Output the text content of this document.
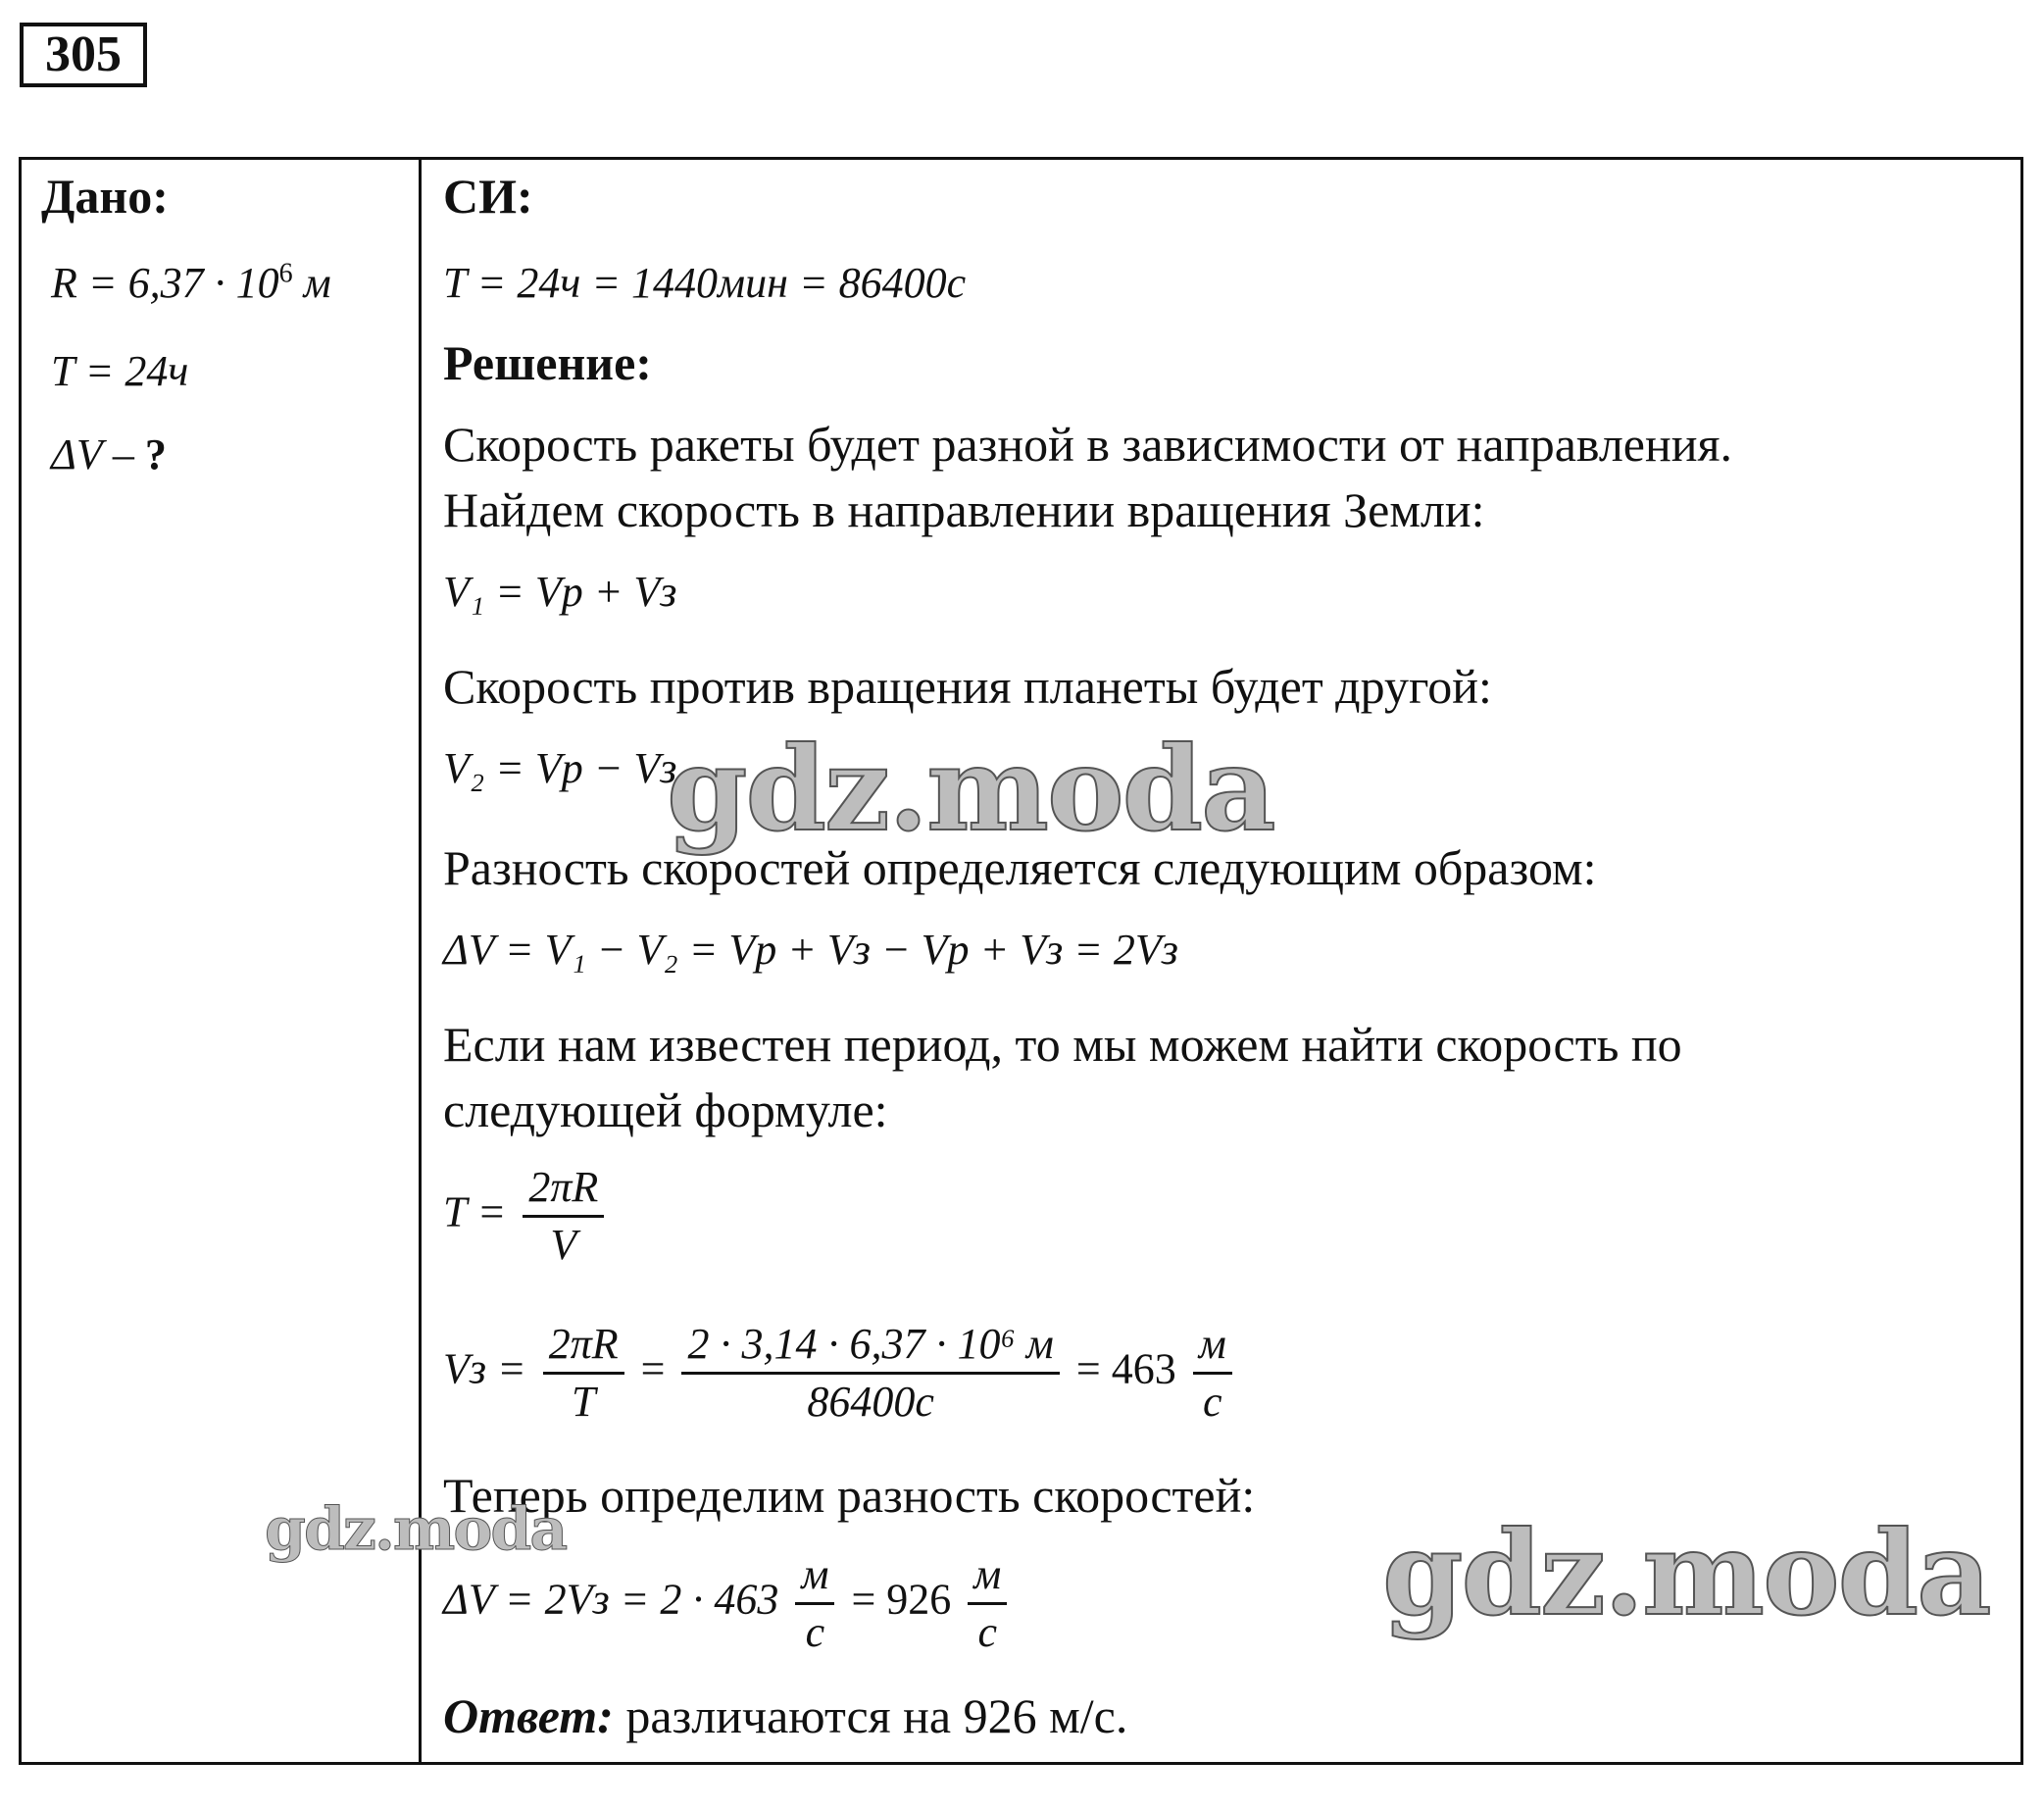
305
Дано:
$R = 6,37 \cdot 10^6$ м
T = 24ч
ΔV – ?
СИ:
T = 24ч = 1440мин = 86400с
Решение:
Скорость ракеты будет разной в зависимости от направления.
Найдем скорость в направлении вращения Земли:
V₁ = Vр + Vз
Скорость против вращения планеты будет другой:
V₂ = Vр − Vз
Разность скоростей определяется следующим образом:
ΔV = V₁ − V₂ = Vр + Vз − Vр + Vз = 2Vз
Если нам известен период, то мы можем найти скорость по
следующей формуле:
$T = \frac{2\pi R}{V}$
Vз = $\frac{2\pi R}{T} = \frac{\text{2 · 3,14 · 6,37 · 10⁶ м}}{86400с} = 463 \frac{м}{с}$
Теперь определим разность скоростей:
$\Delta V = 2Vз = 2 \cdot 463 \frac{м}{с} = 926 \frac{м}{с}$
Ответ: различаются на 926 м/с.
gdz.moda
gdz.moda	gdz.moda
